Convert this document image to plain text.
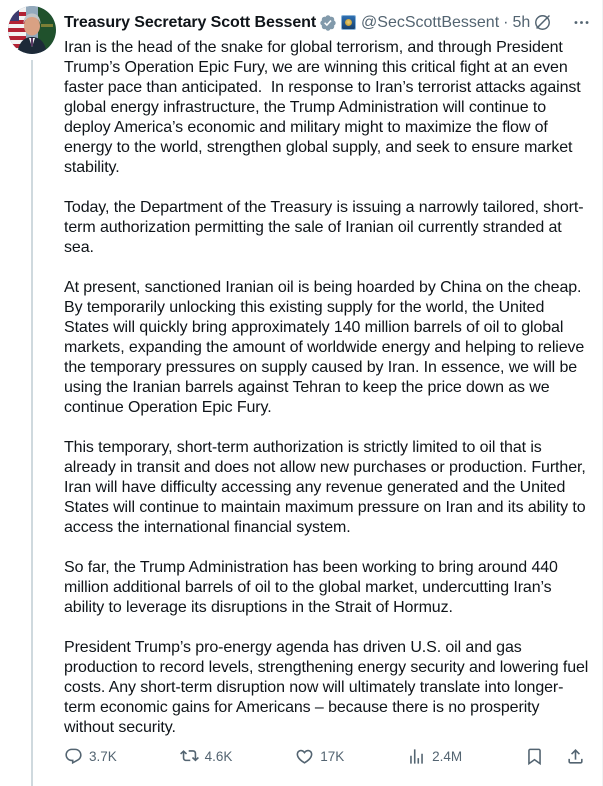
Treasury Secretary Scott Bessent	@SecScottBessent · 5h

Iran is the head of the snake for global terrorism, and through President Trump’s Operation Epic Fury, we are winning this critical fight at an even faster pace than anticipated.  In response to Iran’s terrorist attacks against global energy infrastructure, the Trump Administration will continue to deploy America’s economic and military might to maximize the flow of energy to the world, strengthen global supply, and seek to ensure market stability.

Today, the Department of the Treasury is issuing a narrowly tailored, short-term authorization permitting the sale of Iranian oil currently stranded at sea.

At present, sanctioned Iranian oil is being hoarded by China on the cheap. By temporarily unlocking this existing supply for the world, the United States will quickly bring approximately 140 million barrels of oil to global markets, expanding the amount of worldwide energy and helping to relieve the temporary pressures on supply caused by Iran. In essence, we will be using the Iranian barrels against Tehran to keep the price down as we continue Operation Epic Fury.

This temporary, short-term authorization is strictly limited to oil that is already in transit and does not allow new purchases or production. Further, Iran will have difficulty accessing any revenue generated and the United States will continue to maintain maximum pressure on Iran and its ability to access the international financial system.

So far, the Trump Administration has been working to bring around 440 million additional barrels of oil to the global market, undercutting Iran’s ability to leverage its disruptions in the Strait of Hormuz.

President Trump’s pro-energy agenda has driven U.S. oil and gas production to record levels, strengthening energy security and lowering fuel costs. Any short-term disruption now will ultimately translate into longer-term economic gains for Americans – because there is no prosperity without security.

3.7K	4.6K	17K	2.4M
